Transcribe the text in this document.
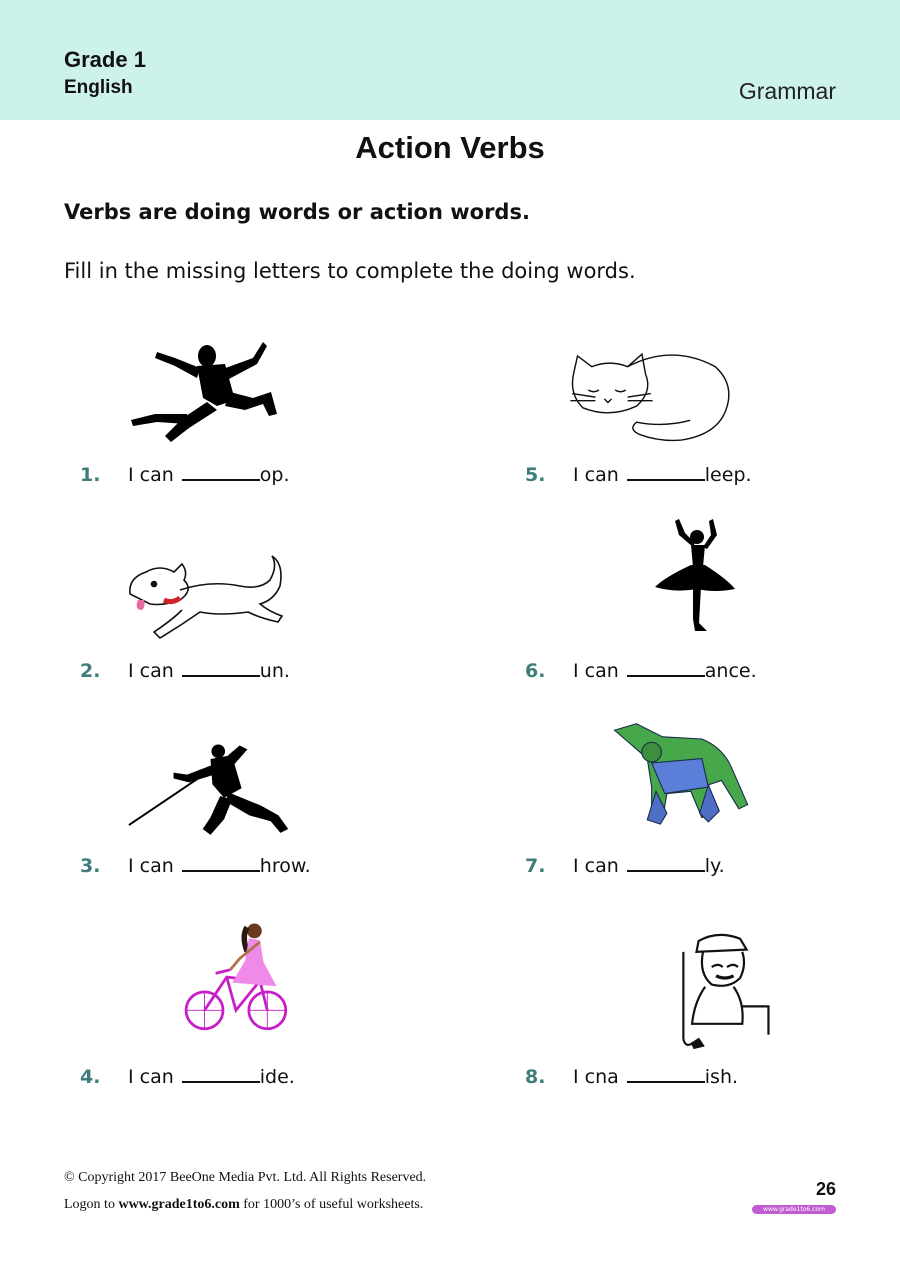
Grade 1
English	Grammar
Action Verbs
Verbs are doing words or action words.
Fill in the missing letters to complete the doing words.
1. I can	op.
2. I can	un.
3. I can	hrow.
4. I can	ide.
5. I can	leep.
6. I can	ance.
7. I can	ly.
8. I cna	ish.
© Copyright 2017 BeeOne Media Pvt. Ltd. All Rights Reserved.
Logon to www.grade1to6.com for 1000’s of useful worksheets.
26
www.grade1to6.com
